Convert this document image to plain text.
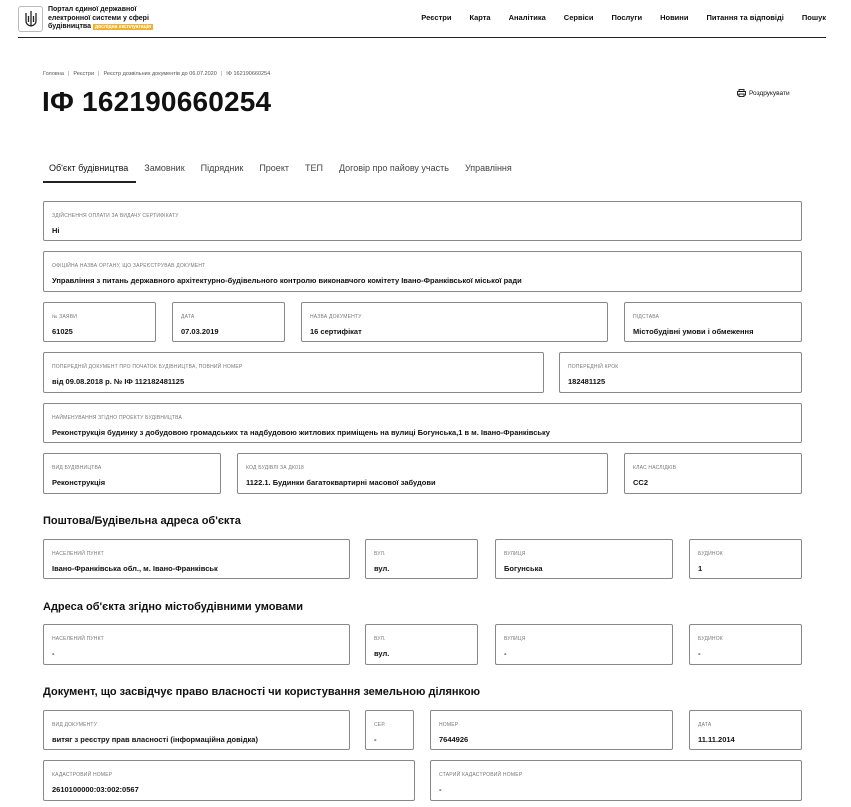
Портал єдиної державної
електронної системи у сфері
будівництва дослідна експлуатація
Реєстри Карта Аналітика Сервіси Послуги Новини Питання та відповіді Пошук
Головна | Реєстри | Реєстр дозвільних документів до 06.07.2020 | ІФ 162190660254
ІФ 162190660254	Роздрукувати
Об'єкт будівництва	Замовник	Підрядник	Проект	ТЕП	Договір про пайову участь	Управління
ЗДІЙСНЕННЯ ОПЛАТИ ЗА ВИДАЧУ СЕРТИФІКАТУ
Ні
ОФІЦІЙНА НАЗВА ОРГАНУ, ЩО ЗАРЕЄСТРУВАВ ДОКУМЕНТ
Управління з питань державного архітектурно-будівельного контролю виконавчого комітету Івано-Франківської міської ради
№ ЗАЯВИ
61025
ДАТА
07.03.2019
НАЗВА ДОКУМЕНТУ
16 сертифікат
ПІДСТАВА
Містобудівні умови і обмеження
ПОПЕРЕДНІЙ ДОКУМЕНТ ПРО ПОЧАТОК БУДІВНИЦТВА, ПОВНИЙ НОМЕР
від 09.08.2018 р. № ІФ 112182481125
ПОПЕРЕДНІЙ КРОК
182481125
НАЙМЕНУВАННЯ ЗГІДНО ПРОЕКТУ БУДІВНИЦТВА
Реконструкція будинку з добудовою громадських та надбудовою житлових приміщень на вулиці Богунська,1 в м. Івано-Франківську
ВИД БУДІВНИЦТВА
Реконструкція
КОД БУДІВЛІ ЗА ДК018
1122.1. Будинки багатоквартирні масової забудови
КЛАС НАСЛІДКІВ
СС2
Поштова/Будівельна адреса об'єкта
НАСЕЛЕНИЙ ПУНКТ
Івано-Франківська обл., м. Івано-Франківськ
ВУЛ.
вул.
ВУЛИЦЯ
Богунська
БУДИНОК
1
Адреса об'єкта згідно містобудівними умовами
НАСЕЛЕНИЙ ПУНКТ
-
ВУЛ.
вул.
ВУЛИЦЯ
-
БУДИНОК
-
Документ, що засвідчує право власності чи користування земельною ділянкою
ВИД ДОКУМЕНТУ
витяг з реєстру прав власності (інформаційна довідка)
СЕР.
-
НОМЕР
7644926
ДАТА
11.11.2014
КАДАСТРОВИЙ НОМЕР
2610100000:03:002:0567
СТАРИЙ КАДАСТРОВИЙ НОМЕР
-
